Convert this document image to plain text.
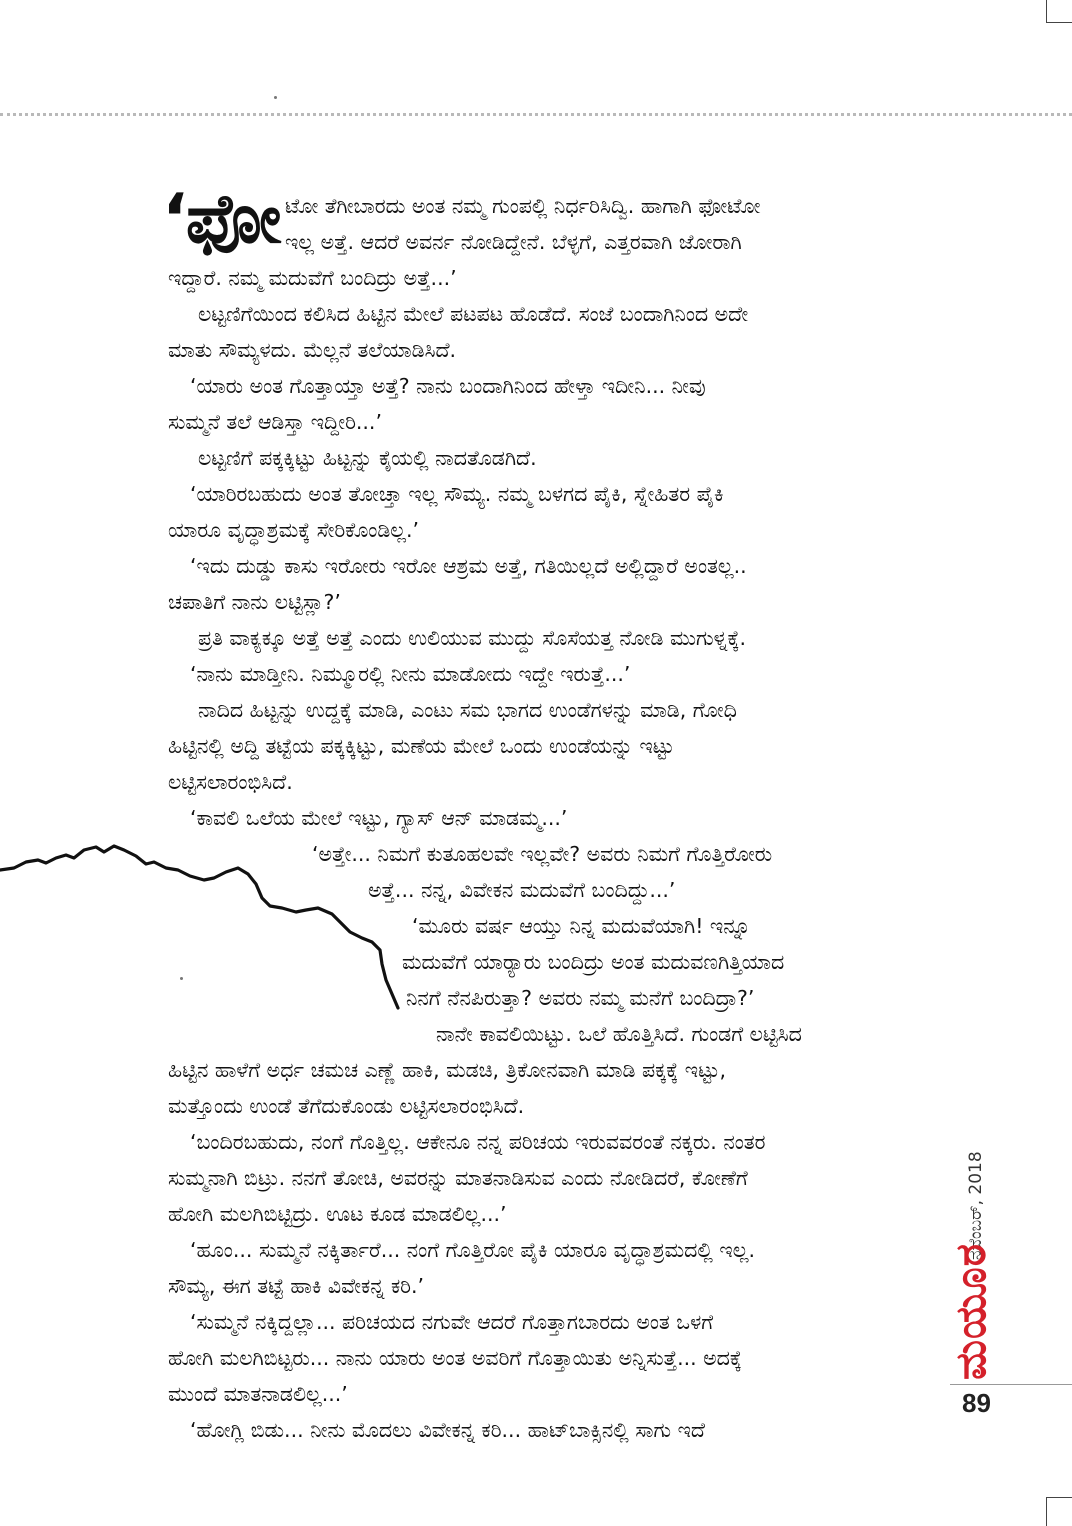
‘ಫೋ ಟೋ ತೆಗೀಬಾರದು ಅಂತ ನಮ್ಮ ಗುಂಪಲ್ಲಿ ನಿರ್ಧರಿಸಿದ್ವಿ. ಹಾಗಾಗಿ ಫೋಟೋ
ಇಲ್ಲ ಅತ್ತೆ. ಆದರೆ ಅವರ್ನ ನೋಡಿದ್ದೇನೆ. ಬೆಳ್ಳಗೆ, ಎತ್ತರವಾಗಿ ಜೋರಾಗಿ
ಇದ್ದಾರೆ. ನಮ್ಮ ಮದುವೆಗೆ ಬಂದಿದ್ರು ಅತ್ತೆ...’
ಲಟ್ಟಣಿಗೆಯಿಂದ ಕಲಿಸಿದ ಹಿಟ್ಟಿನ ಮೇಲೆ ಪಟಪಟ ಹೊಡೆದೆ. ಸಂಜೆ ಬಂದಾಗಿನಿಂದ ಅದೇ
ಮಾತು ಸೌಮ್ಯಳದು. ಮೆಲ್ಲನೆ ತಲೆಯಾಡಿಸಿದೆ.
‘ಯಾರು ಅಂತ ಗೊತ್ತಾಯ್ತಾ ಅತ್ತೆ? ನಾನು ಬಂದಾಗಿನಿಂದ ಹೇಳ್ತಾ ಇದೀನಿ... ನೀವು
ಸುಮ್ಮನೆ ತಲೆ ಆಡಿಸ್ತಾ ಇದ್ದೀರಿ...’
ಲಟ್ಟಣಿಗೆ ಪಕ್ಕಕ್ಕಿಟ್ಟು ಹಿಟ್ಟನ್ನು ಕೈಯಲ್ಲಿ ನಾದತೊಡಗಿದೆ.
‘ಯಾರಿರಬಹುದು ಅಂತ ತೋಚ್ತಾ ಇಲ್ಲ ಸೌಮ್ಯ. ನಮ್ಮ ಬಳಗದ ಪೈಕಿ, ಸ್ನೇಹಿತರ ಪೈಕಿ
ಯಾರೂ ವೃದ್ಧಾಶ್ರಮಕ್ಕೆ ಸೇರಿಕೊಂಡಿಲ್ಲ.’
‘ಇದು ದುಡ್ಡು ಕಾಸು ಇರೋರು ಇರೋ ಆಶ್ರಮ ಅತ್ತೆ, ಗತಿಯಿಲ್ಲದೆ ಅಲ್ಲಿದ್ದಾರೆ ಅಂತಲ್ಲ..
ಚಪಾತಿಗೆ ನಾನು ಲಟ್ಟಿಸ್ಲಾ?’
ಪ್ರತಿ ವಾಕ್ಯಕ್ಕೂ ಅತ್ತೆ ಅತ್ತೆ ಎಂದು ಉಲಿಯುವ ಮುದ್ದು ಸೊಸೆಯತ್ತ ನೋಡಿ ಮುಗುಳ್ನಕ್ಕೆ.
‘ನಾನು ಮಾಡ್ತೀನಿ. ನಿಮ್ಮೂರಲ್ಲಿ ನೀನು ಮಾಡೋದು ಇದ್ದೇ ಇರುತ್ತೆ...’
ನಾದಿದ ಹಿಟ್ಟನ್ನು ಉದ್ದಕ್ಕೆ ಮಾಡಿ, ಎಂಟು ಸಮ ಭಾಗದ ಉಂಡೆಗಳನ್ನು ಮಾಡಿ, ಗೋಧಿ
ಹಿಟ್ಟಿನಲ್ಲಿ ಅದ್ದಿ ತಟ್ಟೆಯ ಪಕ್ಕಕ್ಕಿಟ್ಟು, ಮಣೆಯ ಮೇಲೆ ಒಂದು ಉಂಡೆಯನ್ನು ಇಟ್ಟು
ಲಟ್ಟಿಸಲಾರಂಭಿಸಿದೆ.
‘ಕಾವಲಿ ಒಲೆಯ ಮೇಲೆ ಇಟ್ಟು, ಗ್ಯಾಸ್ ಆನ್ ಮಾಡಮ್ಮ...’
‘ಅತ್ತೇ... ನಿಮಗೆ ಕುತೂಹಲವೇ ಇಲ್ಲವೇ? ಅವರು ನಿಮಗೆ ಗೊತ್ತಿರೋರು
ಅತ್ತೆ... ನನ್ನ, ವಿವೇಕನ ಮದುವೆಗೆ ಬಂದಿದ್ದು...’
‘ಮೂರು ವರ್ಷ ಆಯ್ತು ನಿನ್ನ ಮದುವೆಯಾಗಿ! ಇನ್ನೂ
ಮದುವೆಗೆ ಯಾರ್‍ಯಾರು ಬಂದಿದ್ರು ಅಂತ ಮದುವಣಗಿತ್ತಿಯಾದ
ನಿನಗೆ ನೆನಪಿರುತ್ತಾ? ಅವರು ನಮ್ಮ ಮನೆಗೆ ಬಂದಿದ್ರಾ?’
ನಾನೇ ಕಾವಲಿಯಿಟ್ಟು. ಒಲೆ ಹೊತ್ತಿಸಿದೆ. ಗುಂಡಗೆ ಲಟ್ಟಿಸಿದ
ಹಿಟ್ಟಿನ ಹಾಳೆಗೆ ಅರ್ಧ ಚಮಚ ಎಣ್ಣೆ ಹಾಕಿ, ಮಡಚಿ, ತ್ರಿಕೋನವಾಗಿ ಮಾಡಿ ಪಕ್ಕಕ್ಕೆ ಇಟ್ಟು,
ಮತ್ತೊಂದು ಉಂಡೆ ತೆಗೆದುಕೊಂಡು ಲಟ್ಟಿಸಲಾರಂಭಿಸಿದೆ.
‘ಬಂದಿರಬಹುದು, ನಂಗೆ ಗೊತ್ತಿಲ್ಲ. ಆಕೇನೂ ನನ್ನ ಪರಿಚಯ ಇರುವವರಂತೆ ನಕ್ಕರು. ನಂತರ
ಸುಮ್ಮನಾಗಿ ಬಿಟ್ರು. ನನಗೆ ತೋಚಿ, ಅವರನ್ನು ಮಾತನಾಡಿಸುವ ಎಂದು ನೋಡಿದರೆ, ಕೋಣೆಗೆ
ಹೋಗಿ ಮಲಗಿಬಿಟ್ಟಿದ್ರು. ಊಟ ಕೂಡ ಮಾಡಲಿಲ್ಲ...’
‘ಹೂಂ... ಸುಮ್ಮನೆ ನಕ್ಕಿರ್ತಾರೆ... ನಂಗೆ ಗೊತ್ತಿರೋ ಪೈಕಿ ಯಾರೂ ವೃದ್ಧಾಶ್ರಮದಲ್ಲಿ ಇಲ್ಲ.
ಸೌಮ್ಯ, ಈಗ ತಟ್ಟೆ ಹಾಕಿ ವಿವೇಕನ್ನ ಕರಿ.’
‘ಸುಮ್ಮನೆ ನಕ್ಕಿದ್ದಲ್ಲಾ... ಪರಿಚಯದ ನಗುವೇ ಆದರೆ ಗೊತ್ತಾಗಬಾರದು ಅಂತ ಒಳಗೆ
ಹೋಗಿ ಮಲಗಿಬಿಟ್ಟರು... ನಾನು ಯಾರು ಅಂತ ಅವರಿಗೆ ಗೊತ್ತಾಯಿತು ಅನ್ನಿಸುತ್ತೆ... ಅದಕ್ಕೆ
ಮುಂದೆ ಮಾತನಾಡಲಿಲ್ಲ...’
‘ಹೋಗ್ಲಿ ಬಿಡು... ನೀನು ಮೊದಲು ವಿವೇಕನ್ನ ಕರಿ... ಹಾಟ್‌ಬಾಕ್ಸಿನಲ್ಲಿ ಸಾಗು ಇದೆ
ನವೆಂಬರ್, 2018
ಮಯೂರ
89
